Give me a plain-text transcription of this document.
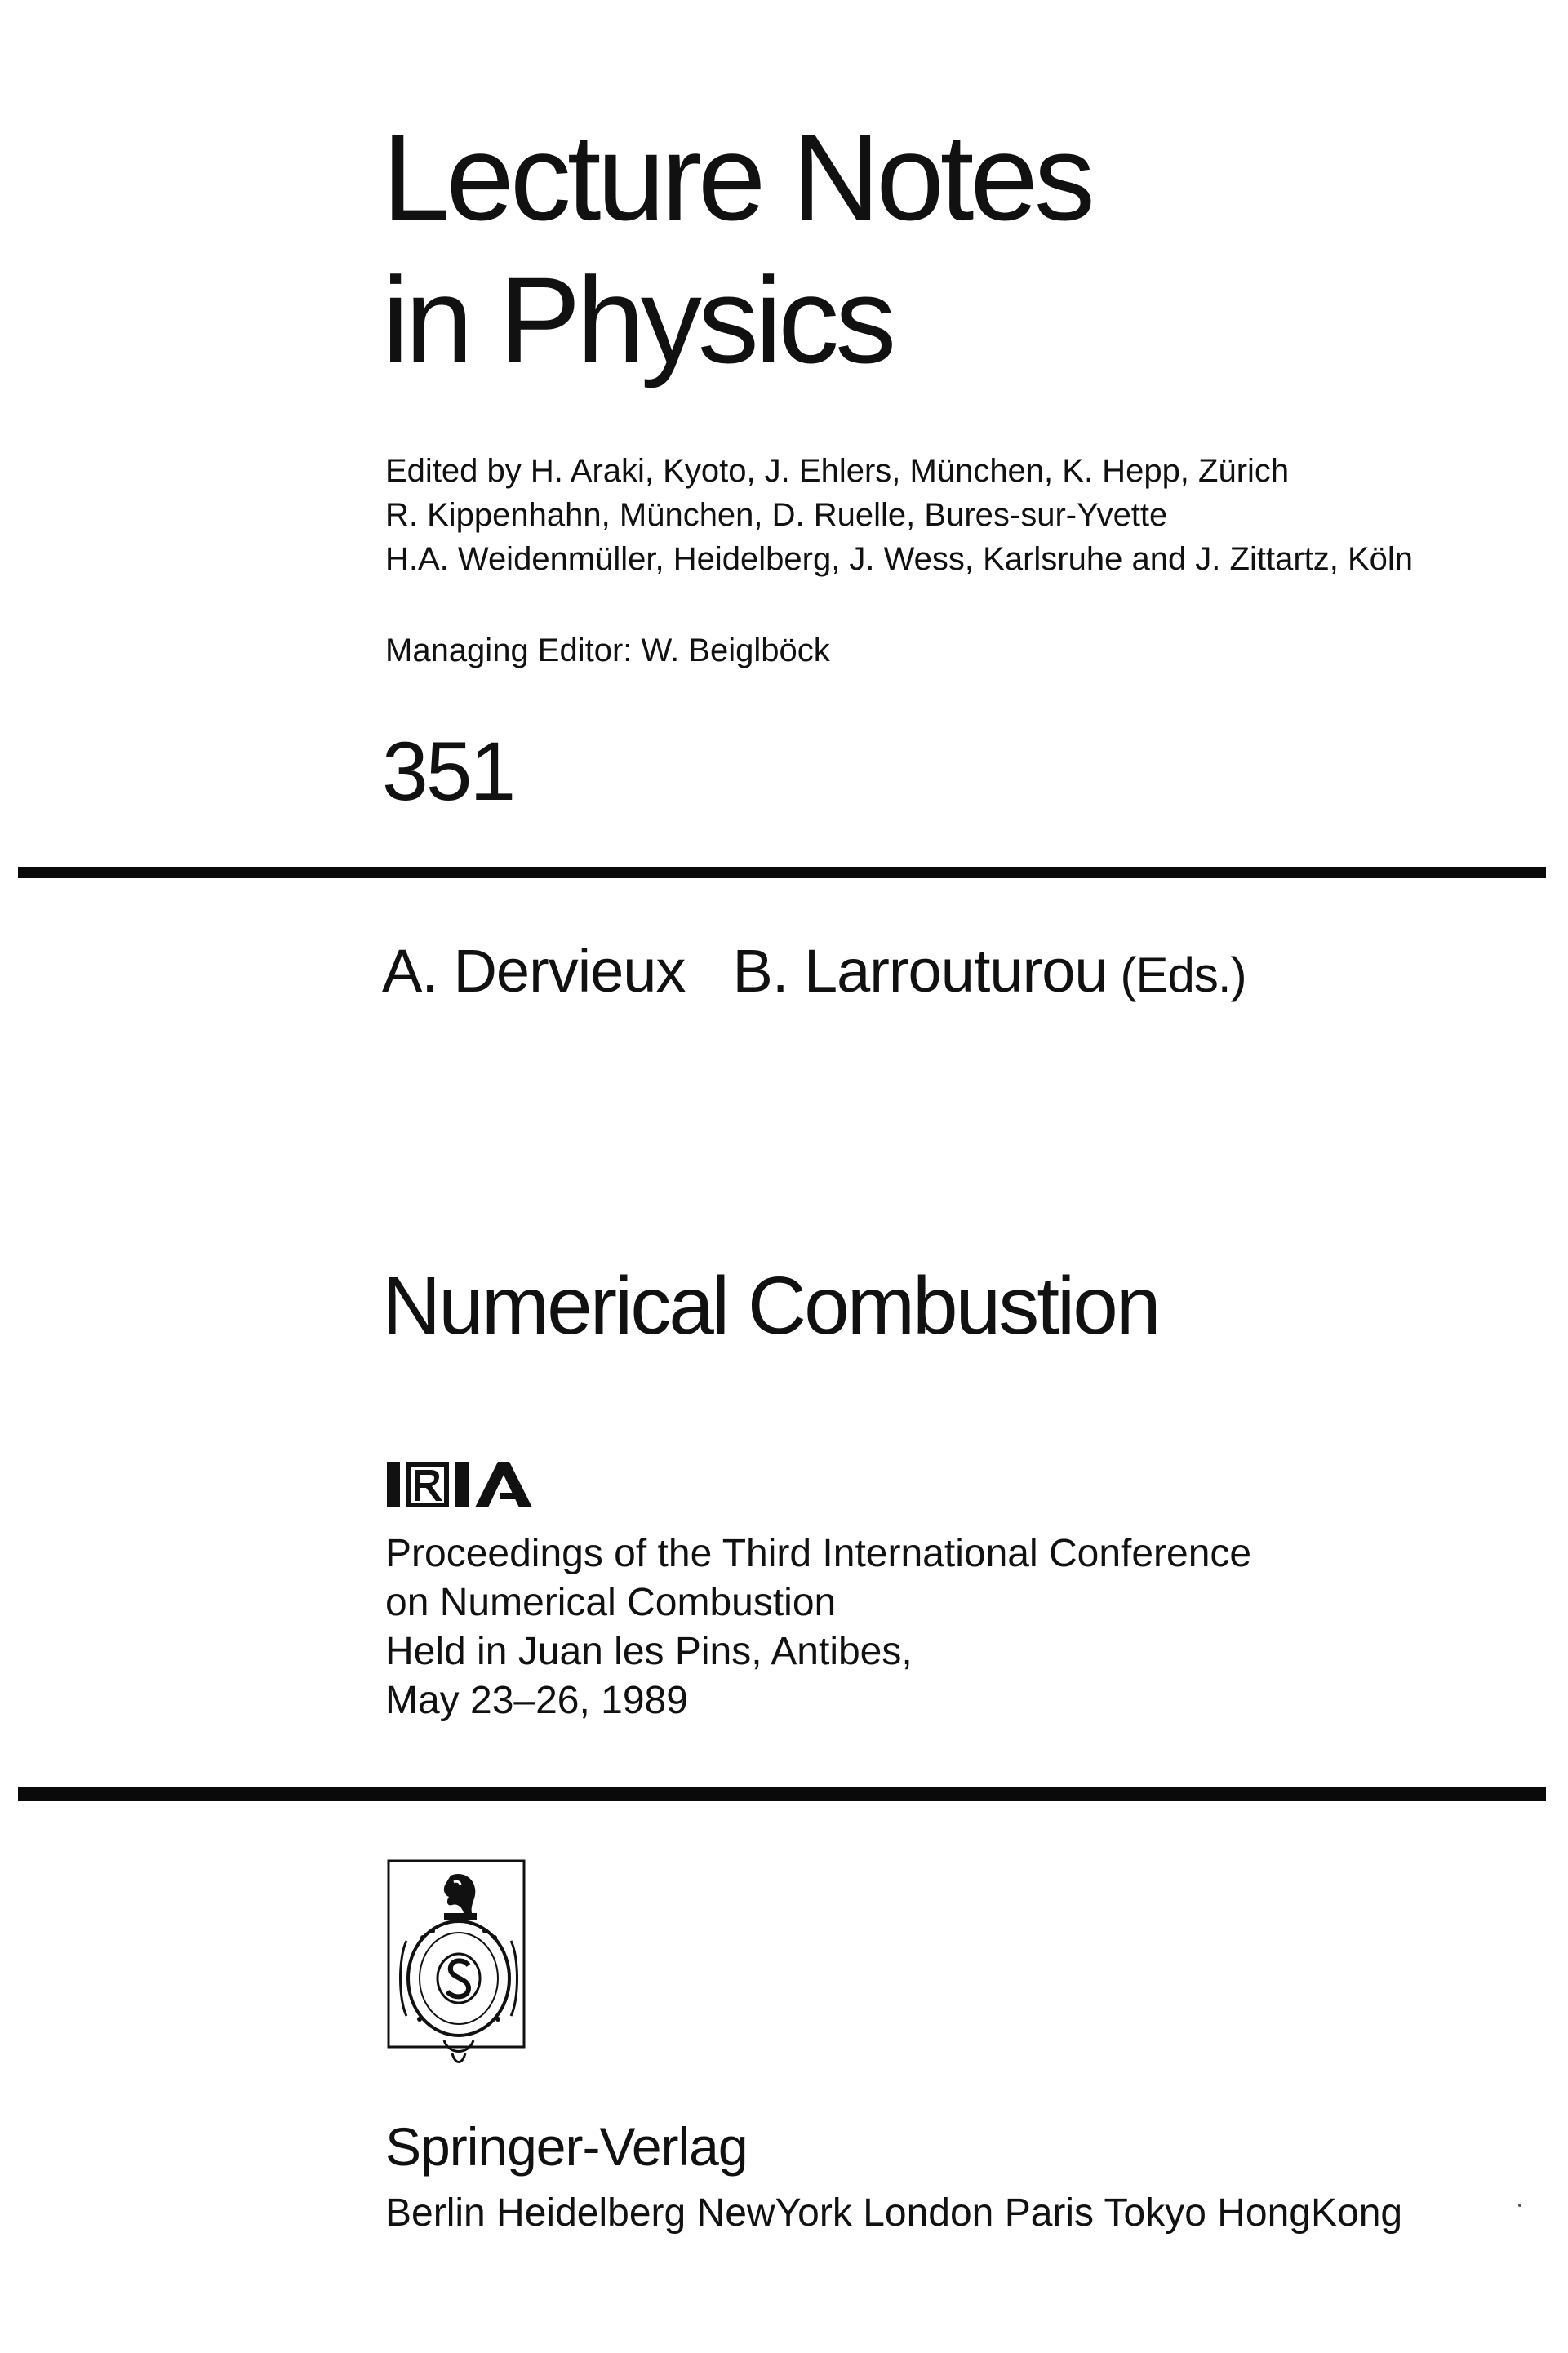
Lecture Notes
in Physics
Edited by H. Araki, Kyoto, J. Ehlers, München, K. Hepp, Zürich
R. Kippenhahn, München, D. Ruelle, Bures-sur-Yvette
H.A. Weidenmüller, Heidelberg, J. Wess, Karlsruhe and J. Zittartz, Köln
Managing Editor: W. Beiglböck
351
A. Dervieux B. Larrouturou (Eds.)
Numerical Combustion
Proceedings of the Third International Conference
on Numerical Combustion
Held in Juan les Pins, Antibes,
May 23–26, 1989
Springer-Verlag
Berlin Heidelberg NewYork London Paris Tokyo HongKong
